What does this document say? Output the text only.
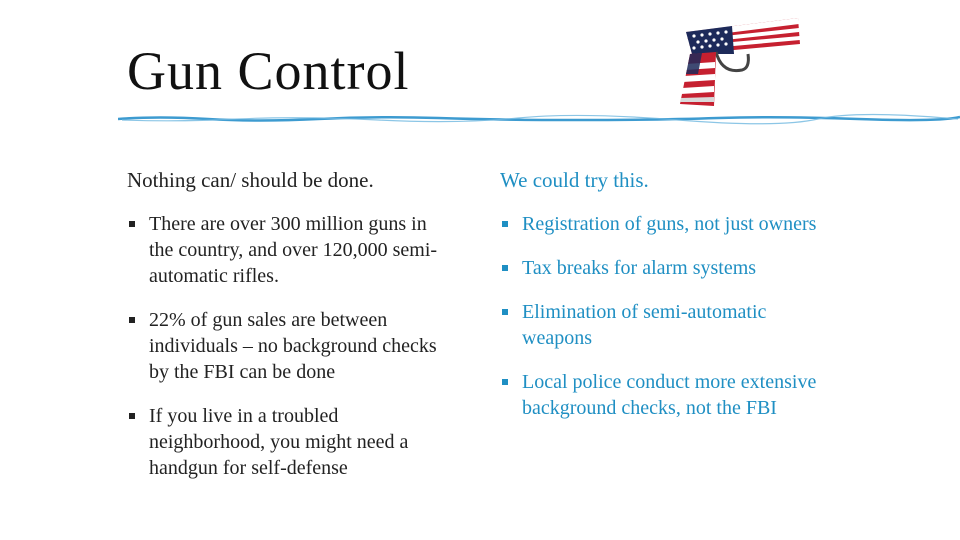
Gun Control

Nothing can/ should be done.

There are over 300 million guns in the country, and over 120,000 semi-automatic rifles.
22% of gun sales are between individuals – no background checks by the FBI can be done
If you live in a troubled neighborhood, you might need a handgun for self-defense

We could try this.

Registration of guns, not just owners
Tax breaks for alarm systems
Elimination of semi-automatic weapons
Local police conduct more extensive background checks, not the FBI
